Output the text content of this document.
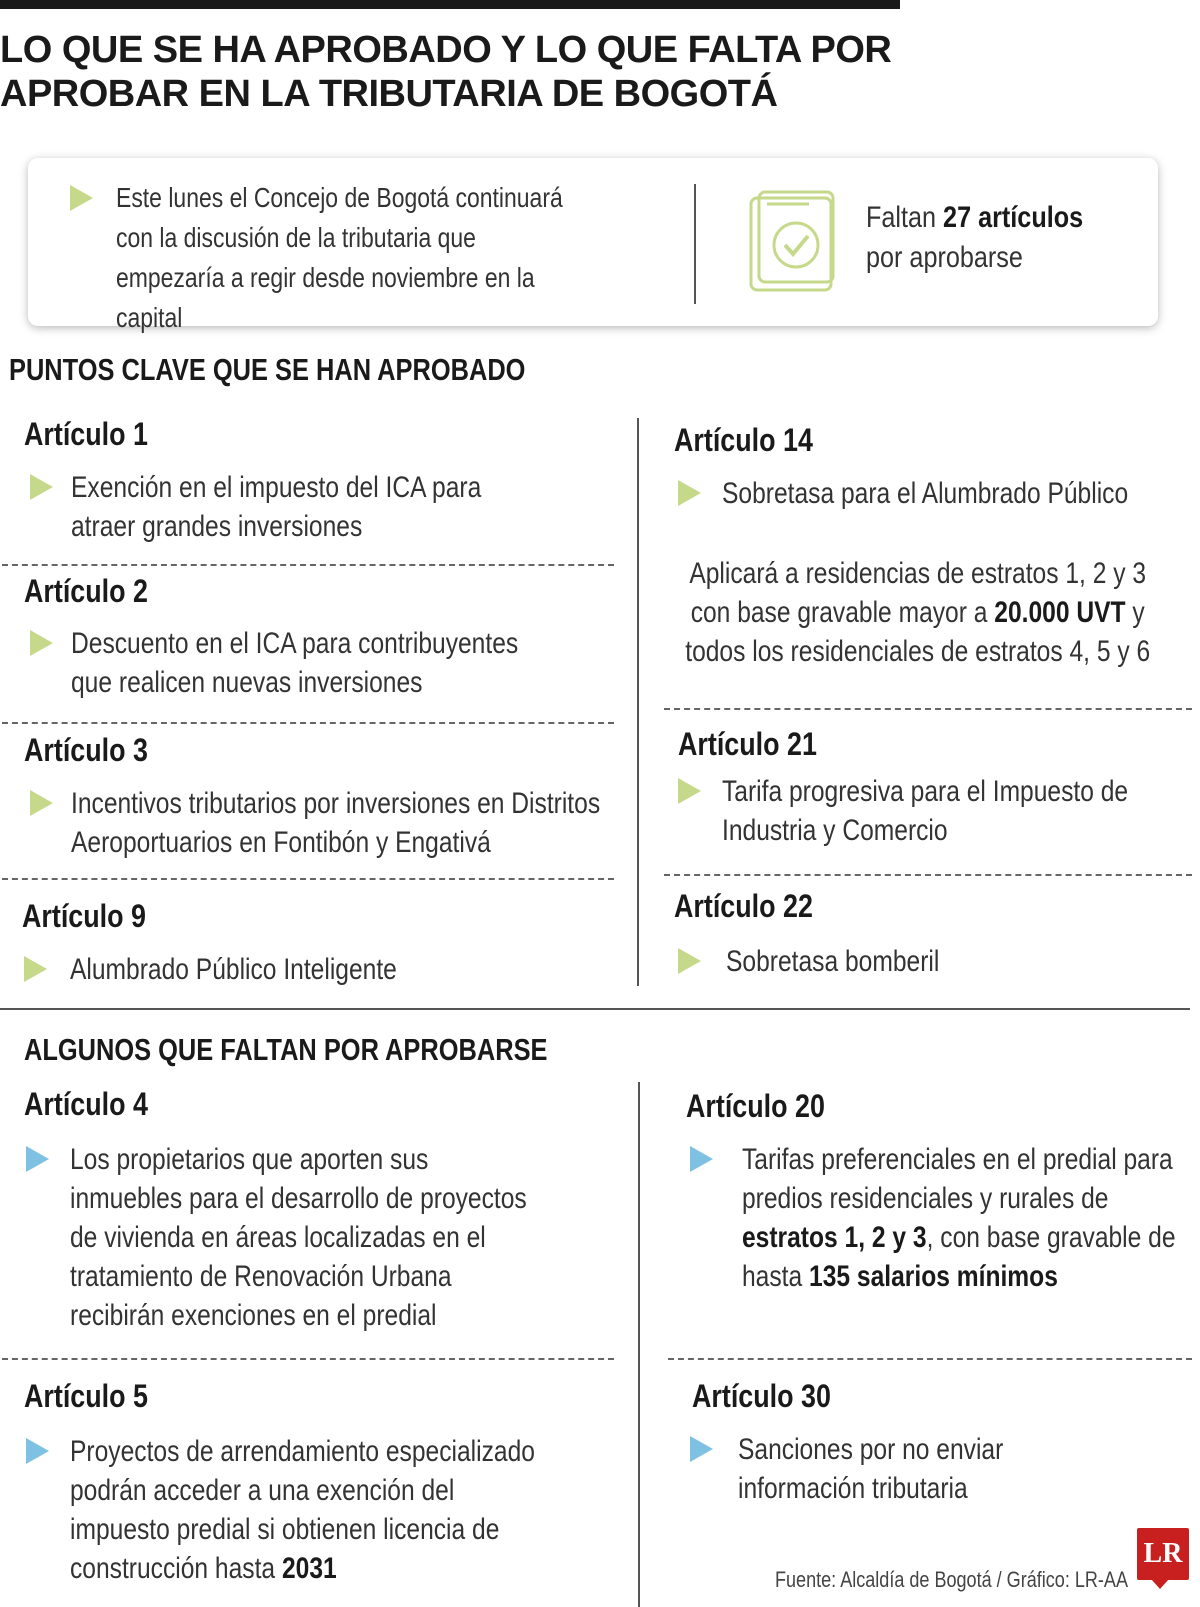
LO QUE SE HA APROBADO Y LO QUE FALTA POR APROBAR EN LA TRIBUTARIA DE BOGOTÁ
Este lunes el Concejo de Bogotá continuará con la discusión de la tributaria que empezaría a regir desde noviembre en la capital
Faltan 27 artículos
por aprobarse
PUNTOS CLAVE QUE SE HAN APROBADO
Artículo 1
Exención en el impuesto del ICA para atraer grandes inversiones
Artículo 2
Descuento en el ICA para contribuyentes que realicen nuevas inversiones
Artículo 3
Incentivos tributarios por inversiones en Distritos Aeroportuarios en Fontibón y Engativá
Artículo 9
Alumbrado Público Inteligente
Artículo 14
Sobretasa para el Alumbrado Público
Aplicará a residencias de estratos 1, 2 y 3 con base gravable mayor a 20.000 UVT y todos los residenciales de estratos 4, 5 y 6
Artículo 21
Tarifa progresiva para el Impuesto de Industria y Comercio
Artículo 22
Sobretasa bomberil
ALGUNOS QUE FALTAN POR APROBARSE
Artículo 4
Los propietarios que aporten sus inmuebles para el desarrollo de proyectos de vivienda en áreas localizadas en el tratamiento de Renovación Urbana recibirán exenciones en el predial
Artículo 5
Proyectos de arrendamiento especializado podrán acceder a una exención del impuesto predial si obtienen licencia de construcción hasta 2031
Artículo 20
Tarifas preferenciales en el predial para predios residenciales y rurales de estratos 1, 2 y 3, con base gravable de hasta 135 salarios mínimos
Artículo 30
Sanciones por no enviar información tributaria
Fuente: Alcaldía de Bogotá / Gráfico: LR-AA
LR
